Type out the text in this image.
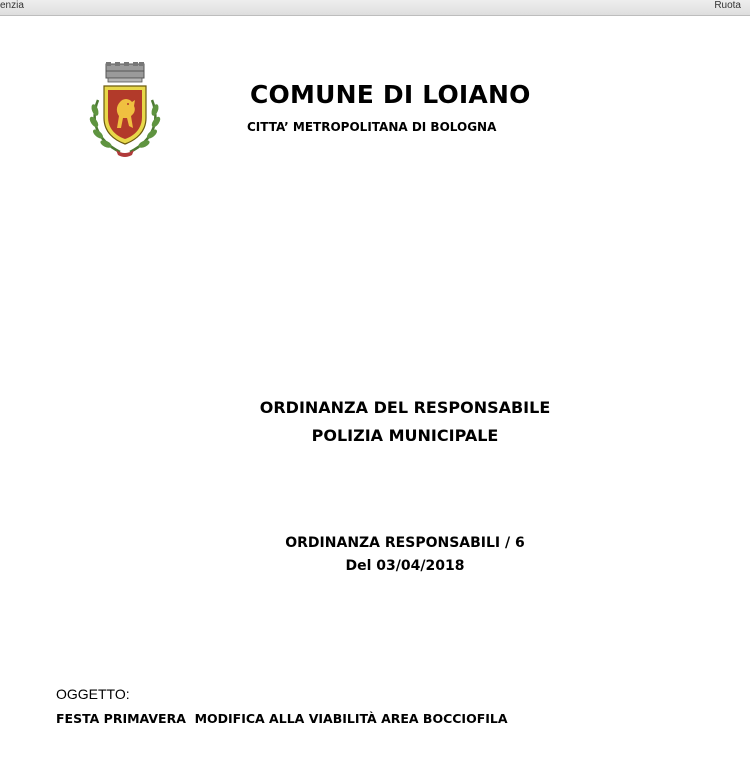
enzia	Ruota
COMUNE DI LOIANO
CITTA’ METROPOLITANA DI BOLOGNA
ORDINANZA DEL RESPONSABILE
POLIZIA MUNICIPALE
ORDINANZA RESPONSABILI / 6
Del 03/04/2018
OGGETTO:
FESTA PRIMAVERA  MODIFICA ALLA VIABILITÀ AREA BOCCIOFILA
